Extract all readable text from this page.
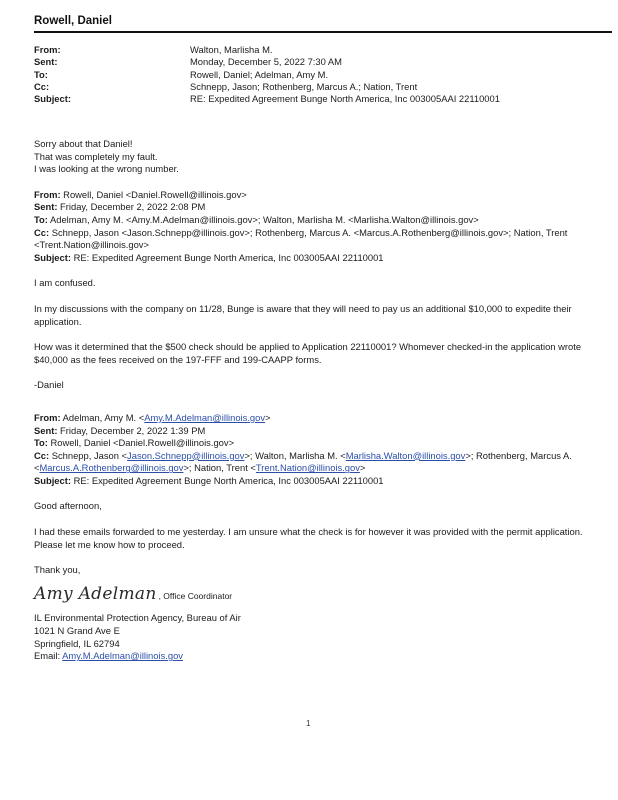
Rowell, Daniel
From:	Walton, Marlisha M.
Sent:	Monday, December 5, 2022 7:30 AM
To:	Rowell, Daniel; Adelman, Amy M.
Cc:	Schnepp, Jason; Rothenberg, Marcus A.; Nation, Trent
Subject:	RE: Expedited Agreement Bunge North America, Inc 003005AAI 22110001

Sorry about that Daniel!

That was completely my fault.

I was looking at the wrong number.

From: Rowell, Daniel <Daniel.Rowell@illinois.gov>

Sent: Friday, December 2, 2022 2:08 PM

To: Adelman, Amy M. <Amy.M.Adelman@illinois.gov>; Walton, Marlisha M. <Marlisha.Walton@illinois.gov>

Cc: Schnepp, Jason <Jason.Schnepp@illinois.gov>; Rothenberg, Marcus A. <Marcus.A.Rothenberg@illinois.gov>; Nation, Trent <Trent.Nation@illinois.gov>

Subject: RE: Expedited Agreement Bunge North America, Inc 003005AAI 22110001

I am confused.

In my discussions with the company on 11/28, Bunge is aware that they will need to pay us an additional $10,000 to expedite their application.

How was it determined that the $500 check should be applied to Application 22110001? Whomever checked-in the application wrote $40,000 as the fees received on the 197-FFF and 199-CAAPP forms.

-Daniel

From: Adelman, Amy M. <Amy.M.Adelman@illinois.gov>

Sent: Friday, December 2, 2022 1:39 PM

To: Rowell, Daniel <Daniel.Rowell@illinois.gov>

Cc: Schnepp, Jason <Jason.Schnepp@illinois.gov>; Walton, Marlisha M. <Marlisha.Walton@illinois.gov>; Rothenberg, Marcus A. <Marcus.A.Rothenberg@illinois.gov>; Nation, Trent <Trent.Nation@illinois.gov>

Subject: RE: Expedited Agreement Bunge North America, Inc 003005AAI 22110001

Good afternoon,

I had these emails forwarded to me yesterday. I am unsure what the check is for however it was provided with the permit application. Please let me know how to proceed.

Thank you,

Amy Adelman , Office Coordinator

IL Environmental Protection Agency, Bureau of Air

1021 N Grand Ave E

Springfield, IL 62794

Email: Amy.M.Adelman@illinois.gov

1
